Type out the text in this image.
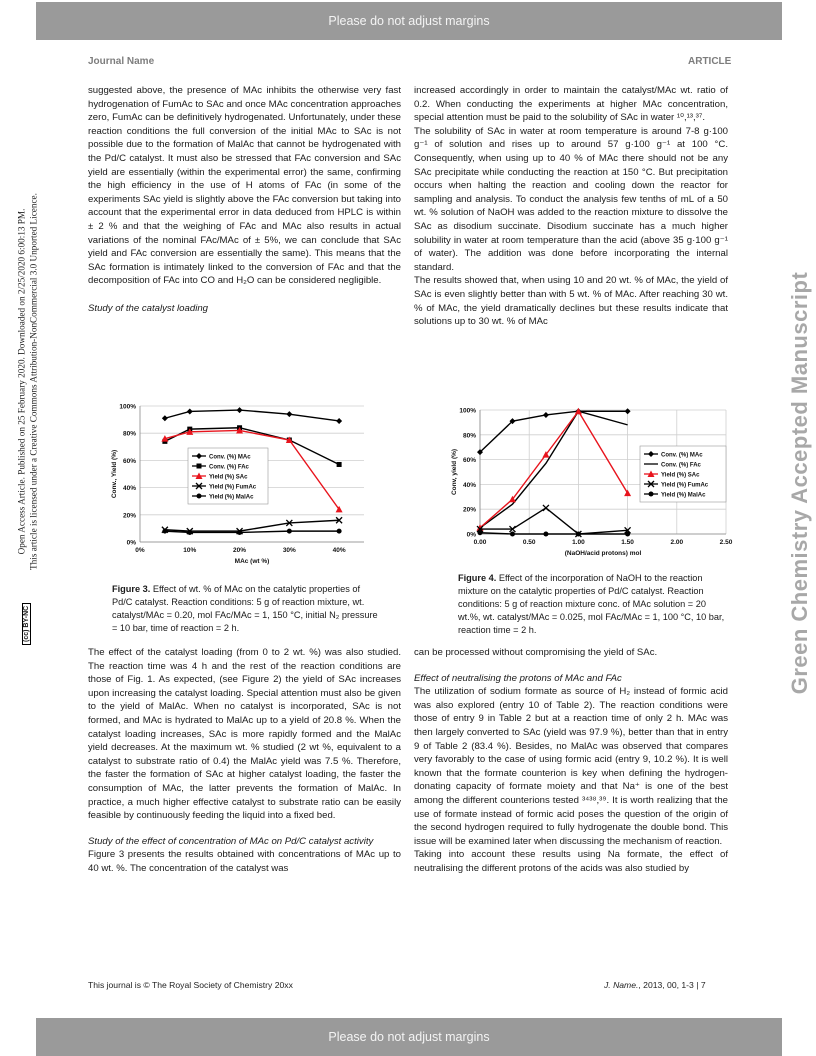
Please do not adjust margins
Please do not adjust margins
Journal Name	ARTICLE
Open Access Article. Published on 25 February 2020. Downloaded on 2/25/2020 6:00:13 PM. This article is licensed under a Creative Commons Attribution-NonCommercial 3.0 Unported Licence.
(cc) BY-NC	Green Chemistry Accepted Manuscript

suggested above, the presence of MAc inhibits the otherwise very fast hydrogenation of FumAc to SAc and once MAc concentration approaches zero, FumAc can be definitively hydrogenated. Unfortunately, under these reaction conditions the full conversion of the initial MAc to SAc is not possible due to the formation of MalAc that cannot be hydrogenated with the Pd/C catalyst. It must also be stressed that FAc conversion and SAc yield are essentially (within the experimental error) the same, confirming the high efficiency in the use of H atoms of FAc (in some of the experiments SAc yield is slightly above the FAc conversion but taking into account that the experimental error in data deduced from HPLC is within ± 2 % and that the weighing of FAc and MAc also results in actual variations of the nominal FAc/MAc of ± 5%, we can conclude that SAc yield and FAc conversion are essentially the same). This means that the SAc formation is intimately linked to the conversion of FAc and that the decomposition of FAc into CO and H₂O can be considered negligible.

Study of the catalyst loading

increased accordingly in order to maintain the catalyst/MAc wt. ratio of 0.2. When conducting the experiments at higher MAc concentration, special attention must be paid to the solubility of SAc in water ¹⁰,¹³,³⁷.

The solubility of SAc in water at room temperature is around 7-8 g·100 g⁻¹ of solution and rises up to around 57 g·100 g⁻¹ at 100 °C. Consequently, when using up to 40 % of MAc there should not be any SAc precipitate while conducting the reaction at 150 °C. But precipitation occurs when halting the reaction and cooling down the reactor for sampling and analysis. To conduct the analysis few tenths of mL of a 50 wt. % solution of NaOH was added to the reaction mixture to dissolve the SAc as disodium succinate. Disodium succinate has a much higher solubility in water at room temperature than the acid (above 35 g·100 g⁻¹ of water). The addition was done before incorporating the internal standard.

The results showed that, when using 10 and 20 wt. % of MAc, the yield of SAc is even slightly better than with 5 wt. % of MAc. After reaching 30 wt. % of MAc, the yield dramatically declines but these results indicate that solutions up to 30 wt. % of MAc

0%
20%
40%
60%
80%
100%
0%	10%	20%	30%	40%
MAc (wt %)
Conv., Yield (%)	Conv. (%) MAc
Conv. (%) FAc
Yield (%) SAc
Yield (%) FumAc
Yield (%) MalAc
0%
20%
40%
60%
80%
100%
0.00	0.50	1.00	1.50	2.00	2.50
(NaOH/acid protons) mol
Conv, yield (%)	Conv. (%) MAc
Conv. (%) FAc
Yield (%) SAc
Yield (%) FumAc
Yield (%) MalAc
Figure 3. Effect of wt. % of MAc on the catalytic properties of Pd/C catalyst. Reaction conditions: 5 g of reaction mixture, wt. catalyst/MAc = 0.20, mol FAc/MAc = 1, 150 °C, initial N₂ pressure = 10 bar, time of reaction = 2 h.
Figure 4. Effect of the incorporation of NaOH to the reaction mixture on the catalytic properties of Pd/C catalyst. Reaction conditions: 5 g of reaction mixture conc. of MAc solution = 20 wt.%, wt. catalyst/MAc = 0.025, mol FAc/MAc = 1, 100 °C, 10 bar, reaction time = 2 h.

The effect of the catalyst loading (from 0 to 2 wt. %) was also studied. The reaction time was 4 h and the rest of the reaction conditions are those of Fig. 1. As expected, (see Figure 2) the yield of SAc increases upon increasing the catalyst loading. Special attention must also be given to the yield of MalAc. When no catalyst is incorporated, SAc is not formed, and MAc is hydrated to MalAc up to a yield of 20.8 %. When the catalyst loading increases, SAc is more rapidly formed and the MalAc yield decreases. At the maximum wt. % studied (2 wt %, equivalent to a catalyst to substrate ratio of 0.4) the MalAc yield was 7.5 %. Therefore, the faster the formation of SAc at higher catalyst loading, the faster the consumption of MAc, the latter prevents the formation of MalAc. In practice, a much higher effective catalyst to substrate ratio can be easily feasible by continuously feeding the liquid into a fixed bed.

Study of the effect of concentration of MAc on Pd/C catalyst activity

Figure 3 presents the results obtained with concentrations of MAc up to 40 wt. %. The concentration of the catalyst was

can be processed without compromising the yield of SAc.

Effect of neutralising the protons of MAc and FAc

The utilization of sodium formate as source of H₂ instead of formic acid was also explored (entry 10 of Table 2). The reaction conditions were those of entry 9 in Table 2 but at a reaction time of only 2 h. MAc was then largely converted to SAc (yield was 97.9 %), better than that in entry 9 of Table 2 (83.4 %). Besides, no MalAc was observed that compares very favorably to the case of using formic acid (entry 9, 10.2 %). It is well known that the formate counterion is key when defining the hydrogen-donating capacity of formate moiety and that Na⁺ is one of the best among the different counterions tested ³⁴³⁸,³⁹. It is worth realizing that the use of formate instead of formic acid poses the question of the origin of the second hydrogen required to fully hydrogenate the double bond. This issue will be examined later when discussing the mechanism of reaction.

Taking into account these results using Na formate, the effect of neutralising the different protons of the acids was also studied by

This journal is © The Royal Society of Chemistry 20xx	J. Name., 2013, 00, 1-3 | 7
